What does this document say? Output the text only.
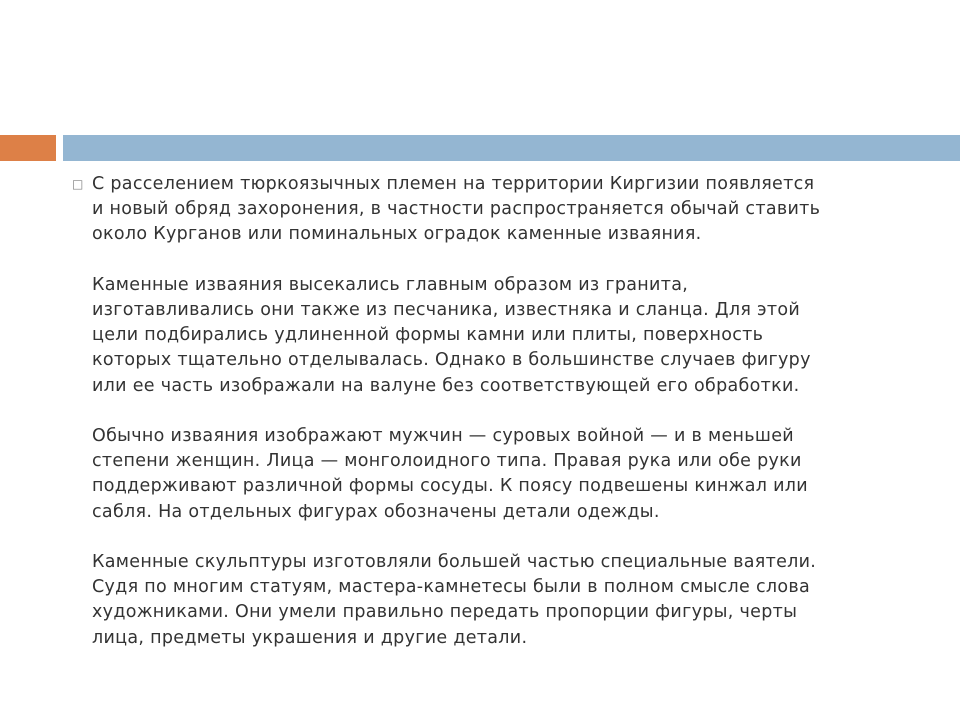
□ С расселением тюркоязычных племен на территории Киргизии появляется
и новый обряд захоронения, в частности распространяется обычай ставить
около Курганов или поминальных оградок каменные изваяния.
Каменные изваяния высекались главным образом из гранита,
изготавливались они также из песчаника, известняка и сланца. Для этой
цели подбирались удлиненной формы камни или плиты, поверхность
которых тщательно отделывалась. Однако в большинстве случаев фигуру
или ее часть изображали на валуне без соответствующей его обработки.
Обычно изваяния изображают мужчин — суровых войной — и в меньшей
степени женщин. Лица — монголоидного типа. Правая рука или обе руки
поддерживают различной формы сосуды. К поясу подвешены кинжал или
сабля. На отдельных фигурах обозначены детали одежды.
Каменные скульптуры изготовляли большей частью специальные ваятели.
Судя по многим статуям, мастера-камнетесы были в полном смысле слова
художниками. Они умели правильно передать пропорции фигуры, черты
лица, предметы украшения и другие детали.
